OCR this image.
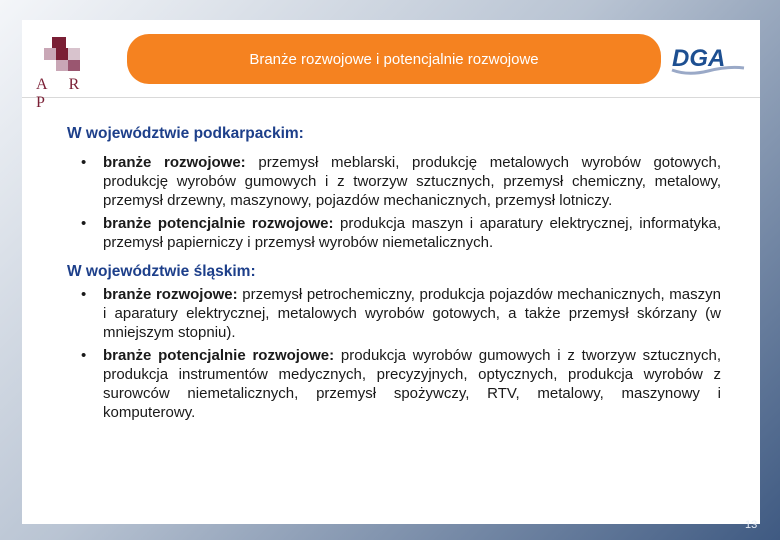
A R P
Branże rozwojowe i potencjalnie rozwojowe	DGA

W województwie podkarpackim:

• branże rozwojowe: przemysł meblarski, produkcję metalowych wyrobów gotowych, produkcję wyrobów gumowych i z tworzyw sztucznych, przemysł chemiczny, metalowy, przemysł drzewny, maszynowy, pojazdów mechanicznych, przemysł lotniczy.
• branże potencjalnie rozwojowe: produkcja maszyn i aparatury elektrycznej, informatyka, przemysł papierniczy i przemysł wyrobów niemetalicznych.

W województwie śląskim:

• branże rozwojowe: przemysł petrochemiczny, produkcja pojazdów mechanicznych, maszyn i aparatury elektrycznej, metalowych wyrobów gotowych, a także przemysł skórzany (w mniejszym stopniu).
• branże potencjalnie rozwojowe: produkcja wyrobów gumowych i z tworzyw sztucznych, produkcja instrumentów medycznych, precyzyjnych, optycznych, produkcja wyrobów z surowców niemetalicznych, przemysł spożywczy, RTV, metalowy, maszynowy i komputerowy.
13
